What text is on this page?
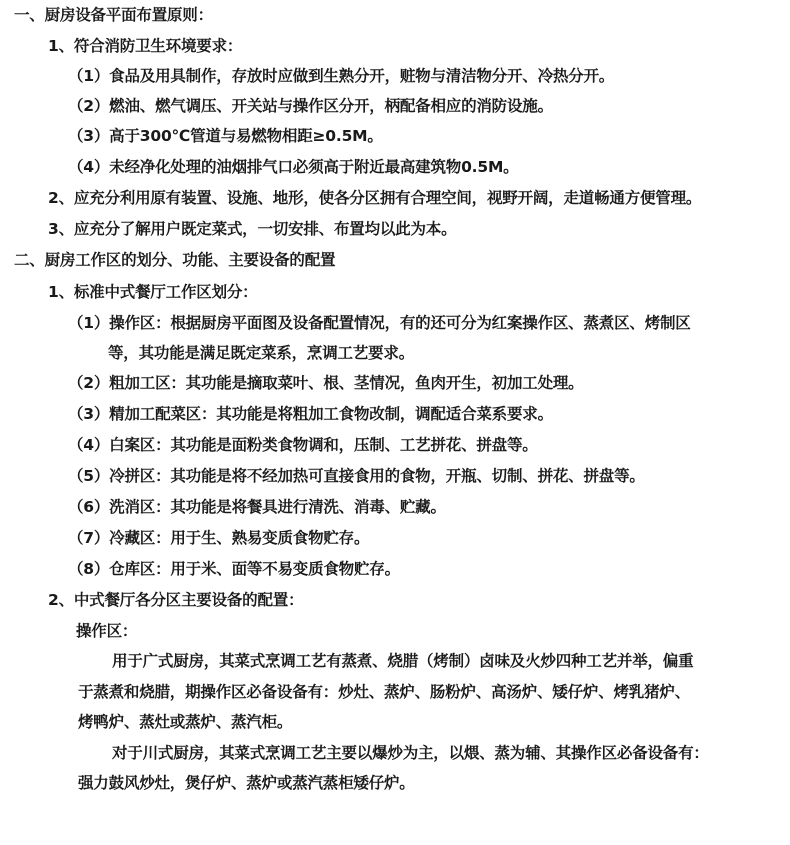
一、厨房设备平面布置原则：
1、符合消防卫生环境要求：
（1）食品及用具制作，存放时应做到生熟分开，赃物与清洁物分开、冷热分开。
（2）燃油、燃气调压、开关站与操作区分开，柄配备相应的消防设施。
（3）高于300℃管道与易燃物相距≥0.5M。
（4）未经净化处理的油烟排气口必须高于附近最高建筑物0.5M。
2、应充分利用原有装置、设施、地形，使各分区拥有合理空间，视野开阔，走道畅通方便管理。
3、应充分了解用户既定菜式，一切安排、布置均以此为本。
二、厨房工作区的划分、功能、主要设备的配置
1、标准中式餐厅工作区划分：
（1）操作区：根据厨房平面图及设备配置情况，有的还可分为红案操作区、蒸煮区、烤制区
等，其功能是满足既定菜系，烹调工艺要求。
（2）粗加工区：其功能是摘取菜叶、根、茎情况，鱼肉开生，初加工处理。
（3）精加工配菜区：其功能是将粗加工食物改制，调配适合菜系要求。
（4）白案区：其功能是面粉类食物调和，压制、工艺拼花、拼盘等。
（5）冷拼区：其功能是将不经加热可直接食用的食物，开瓶、切制、拼花、拼盘等。
（6）洗消区：其功能是将餐具进行清洗、消毒、贮藏。
（7）冷藏区：用于生、熟易变质食物贮存。
（8）仓库区：用于米、面等不易变质食物贮存。
2、中式餐厅各分区主要设备的配置：
操作区：
用于广式厨房，其菜式烹调工艺有蒸煮、烧腊（烤制）卤味及火炒四种工艺并举，偏重
于蒸煮和烧腊，期操作区必备设备有：炒灶、蒸炉、肠粉炉、高汤炉、矮仔炉、烤乳猪炉、
烤鸭炉、蒸灶或蒸炉、蒸汽柜。
对于川式厨房，其菜式烹调工艺主要以爆炒为主，以煨、蒸为辅、其操作区必备设备有：
强力鼓风炒灶，煲仔炉、蒸炉或蒸汽蒸柜矮仔炉。
